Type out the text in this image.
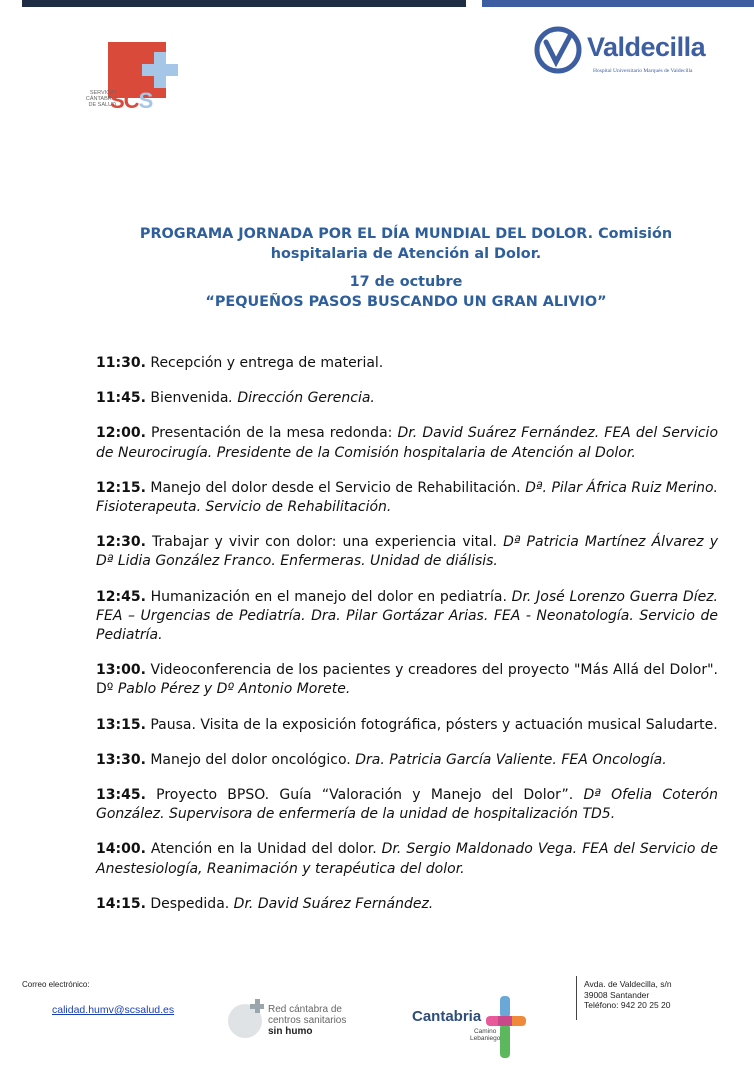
SERVICIO
CÁNTABRO
DE SALUD
SCS
Valdecilla
Hospital Universitario Marqués de Valdecilla
PROGRAMA JORNADA POR EL DÍA MUNDIAL DEL DOLOR. Comisión
hospitalaria de Atención al Dolor.
17 de octubre
“PEQUEÑOS PASOS BUSCANDO UN GRAN ALIVIO”

11:30. Recepción y entrega de material.

11:45. Bienvenida. Dirección Gerencia.

12:00. Presentación de la mesa redonda: Dr. David Suárez Fernández. FEA del Servicio de Neurocirugía. Presidente de la Comisión hospitalaria de Atención al Dolor.

12:15. Manejo del dolor desde el Servicio de Rehabilitación. Dª. Pilar África Ruiz Merino. Fisioterapeuta. Servicio de Rehabilitación.

12:30. Trabajar y vivir con dolor: una experiencia vital. Dª Patricia Martínez Álvarez y Dª Lidia González Franco. Enfermeras. Unidad de diálisis.

12:45. Humanización en el manejo del dolor en pediatría. Dr. José Lorenzo Guerra Díez. FEA – Urgencias de Pediatría. Dra. Pilar Gortázar Arias. FEA - Neonatología. Servicio de Pediatría.

13:00. Videoconferencia de los pacientes y creadores del proyecto "Más Allá del Dolor". Dº Pablo Pérez y Dº Antonio Morete.

13:15. Pausa. Visita de la exposición fotográfica, pósters y actuación musical Saludarte.

13:30. Manejo del dolor oncológico. Dra. Patricia García Valiente. FEA Oncología.

13:45. Proyecto BPSO. Guía “Valoración y Manejo del Dolor”. Dª Ofelia Coterón González. Supervisora de enfermería de la unidad de hospitalización TD5.

14:00. Atención en la Unidad del dolor. Dr. Sergio Maldonado Vega. FEA del Servicio de Anestesiología, Reanimación y terapéutica del dolor.

14:15. Despedida. Dr. David Suárez Fernández.

Correo electrónico:
calidad.humv@scsalud.es	Red cántabra de
centros sanitarios
sin humo
Cantabria
Camino
Lebaniego
Avda. de Valdecilla, s/n
39008 Santander
Teléfono: 942 20 25 20
